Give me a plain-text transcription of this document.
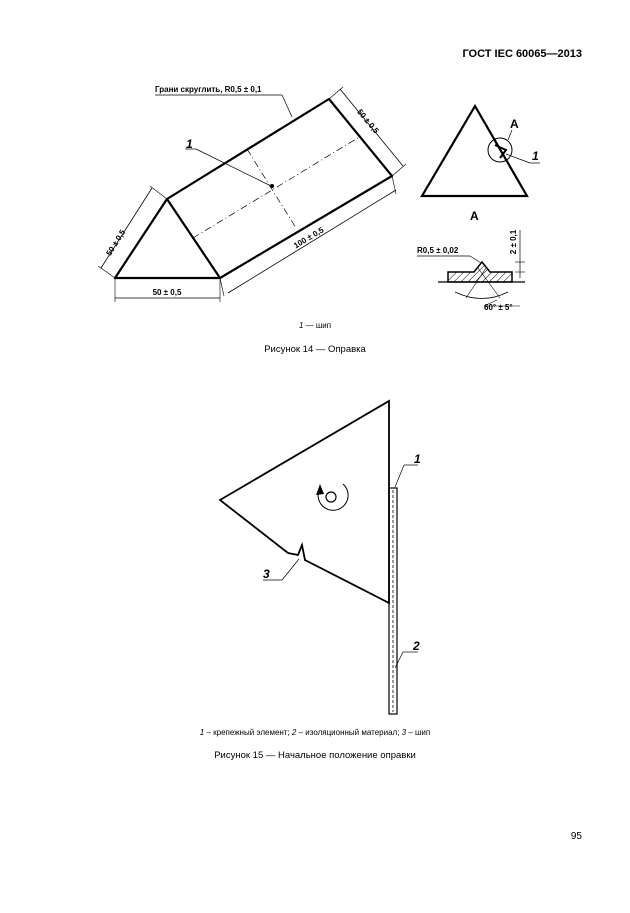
ГОСТ IEC 60065—2013
Грани скруглить, R0,5 ± 0,1
1
50 ± 0,5
50 ± 0,5
100 ± 0,5
50 ± 0,5	A
1
А
R0,5 ± 0,02	2 ± 0,1
60° ± 5°
1
2
3
1 — шип
Рисунок 14 — Оправка
1 – крепежный элемент; 2 – изоляционный материал; 3 – шип
Рисунок 15 — Начальное положение оправки
95
